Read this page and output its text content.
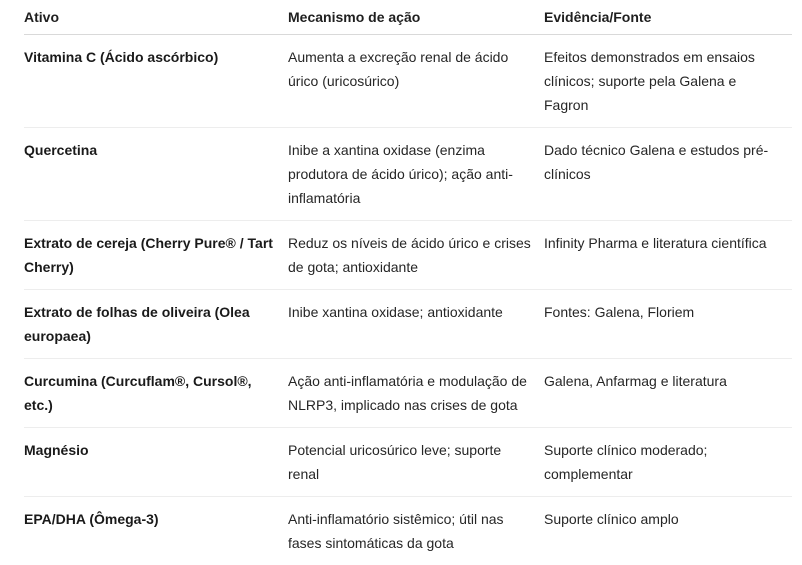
Ativo	Mecanismo de ação	Evidência/Fonte
Vitamina C (Ácido ascórbico)	Aumenta a excreção renal de ácido úrico (uricosúrico)	Efeitos demonstrados em ensaios clínicos; suporte pela Galena e Fagron
Quercetina	Inibe a xantina oxidase (enzima produtora de ácido úrico); ação anti-inflamatória	Dado técnico Galena e estudos pré-clínicos
Extrato de cereja (Cherry Pure® / Tart Cherry)	Reduz os níveis de ácido úrico e crises de gota; antioxidante	Infinity Pharma e literatura científica
Extrato de folhas de oliveira (Olea europaea)	Inibe xantina oxidase; antioxidante	Fontes: Galena, Floriem
Curcumina (Curcuflam®, Cursol®, etc.)	Ação anti-inflamatória e modulação de NLRP3, implicado nas crises de gota	Galena, Anfarmag e literatura
Magnésio	Potencial uricosúrico leve; suporte renal	Suporte clínico moderado; complementar
EPA/DHA (Ômega-3)	Anti-inflamatório sistêmico; útil nas fases sintomáticas da gota	Suporte clínico amplo
